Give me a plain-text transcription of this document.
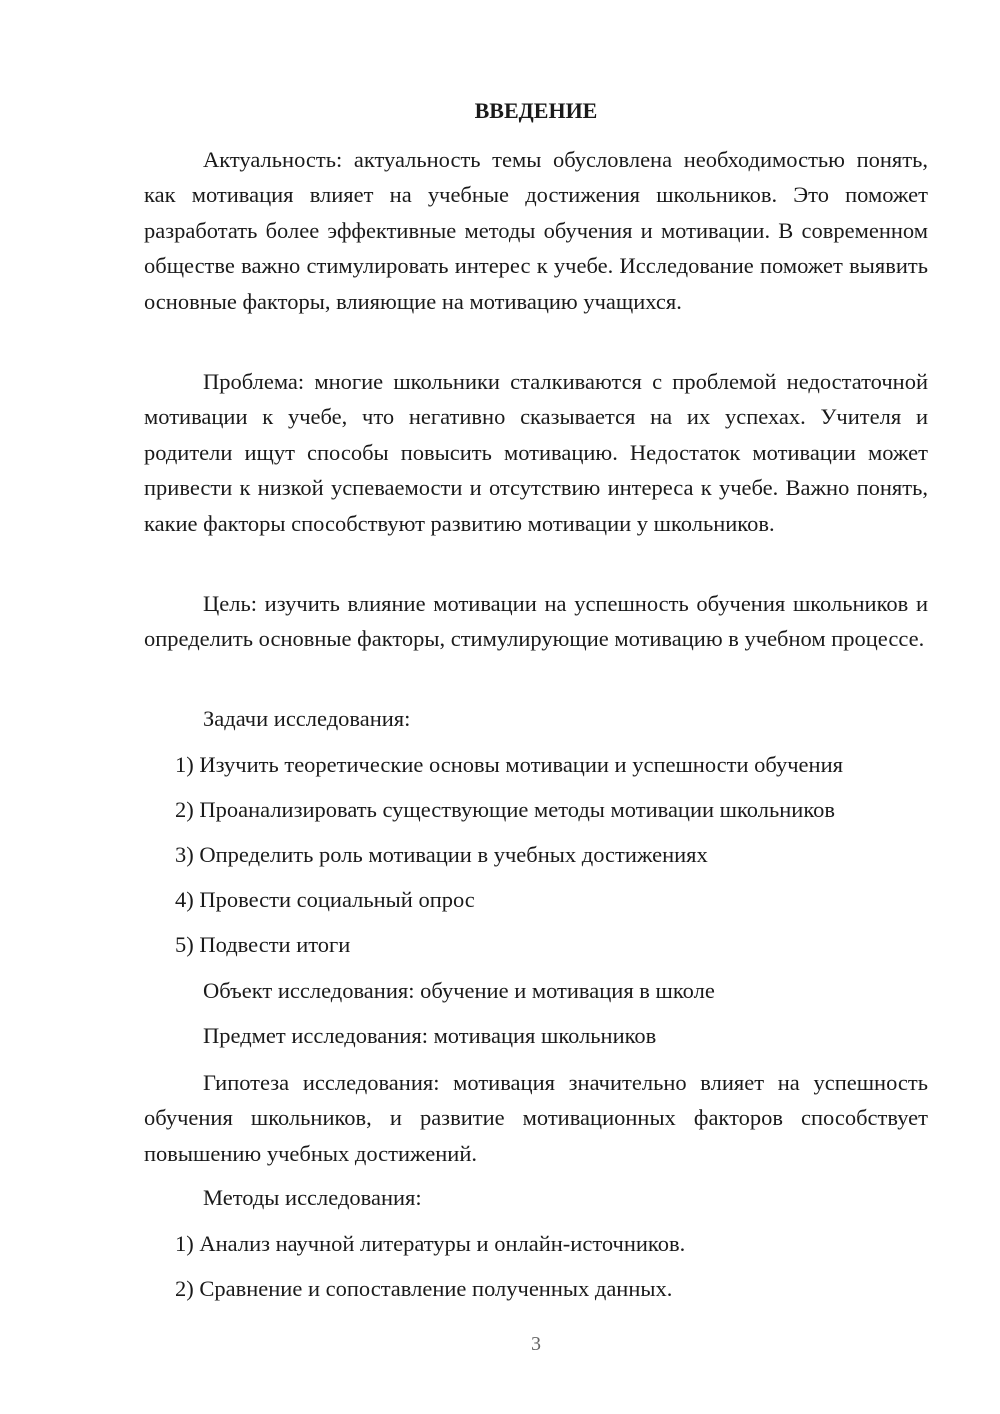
ВВЕДЕНИЕ

Актуальность: актуальность темы обусловлена необходимостью понять, как мотивация влияет на учебные достижения школьников. Это поможет разработать более эффективные методы обучения и мотивации. В современном обществе важно стимулировать интерес к учебе. Исследование поможет выявить основные факторы, влияющие на мотивацию учащихся.

Проблема: многие школьники сталкиваются с проблемой недостаточной мотивации к учебе, что негативно сказывается на их успехах. Учителя и родители ищут способы повысить мотивацию. Недостаток мотивации может привести к низкой успеваемости и отсутствию интереса к учебе. Важно понять, какие факторы способствуют развитию мотивации у школьников.

Цель: изучить влияние мотивации на успешность обучения школьников и определить основные факторы, стимулирующие мотивацию в учебном процессе.

Задачи исследования:
1) Изучить теоретические основы мотивации и успешности обучения
2) Проанализировать существующие методы мотивации школьников
3) Определить роль мотивации в учебных достижениях
4) Провести социальный опрос
5) Подвести итоги
Объект исследования: обучение и мотивация в школе
Предмет исследования: мотивация школьников

Гипотеза исследования: мотивация значительно влияет на успешность обучения школьников, и развитие мотивационных факторов способствует повышению учебных достижений.

Методы исследования:
1) Анализ научной литературы и онлайн-источников.
2) Сравнение и сопоставление полученных данных.
3
